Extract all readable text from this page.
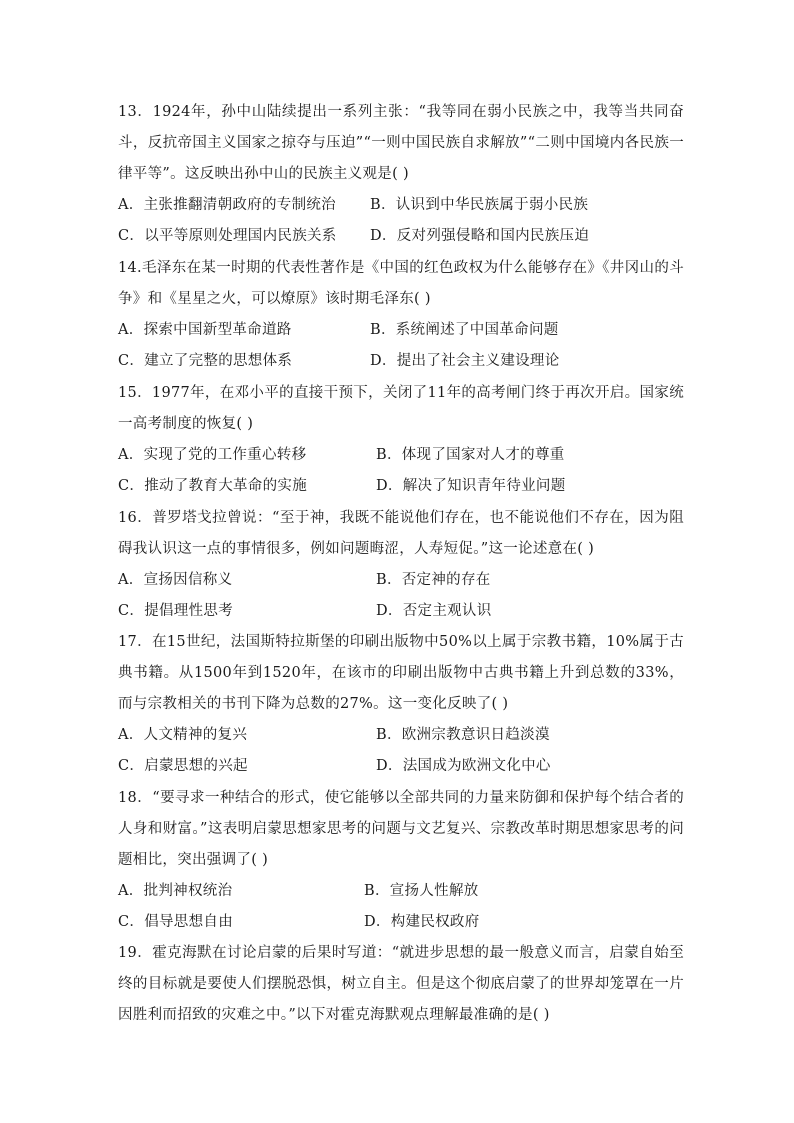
13．1924年，孙中山陆续提出一系列主张：“我等同在弱小民族之中，我等当共同奋斗，反抗帝国主义国家之掠夺与压迫”“一则中国民族自求解放”“二则中国境内各民族一律平等”。这反映出孙中山的民族主义观是( )

A．主张推翻清朝政府的专制统治 B．认识到中华民族属于弱小民族
C．以平等原则处理国内民族关系 D．反对列强侵略和国内民族压迫

14.毛泽东在某一时期的代表性著作是《中国的红色政权为什么能够存在》《井冈山的斗争》和《星星之火，可以燎原》该时期毛泽东( )

A．探索中国新型革命道路	B．系统阐述了中国革命问题
C．建立了完整的思想体系	D．提出了社会主义建设理论

15．1977年，在邓小平的直接干预下，关闭了11年的高考闸门终于再次开启。国家统一高考制度的恢复( )

A．实现了党的工作重心转移	B．体现了国家对人才的尊重
C．推动了教育大革命的实施	D．解决了知识青年待业问题

16．普罗塔戈拉曾说：“至于神，我既不能说他们存在，也不能说他们不存在，因为阻碍我认识这一点的事情很多，例如问题晦涩，人寿短促。”这一论述意在( )

A．宣扬因信称义	B．否定神的存在
C．提倡理性思考	D．否定主观认识

17．在15世纪，法国斯特拉斯堡的印刷出版物中50%以上属于宗教书籍，10%属于古典书籍。从1500年到1520年，在该市的印刷出版物中古典书籍上升到总数的33%，而与宗教相关的书刊下降为总数的27%。这一变化反映了( )

A．人文精神的复兴	B．欧洲宗教意识日趋淡漠
C．启蒙思想的兴起	D．法国成为欧洲文化中心

18．“要寻求一种结合的形式，使它能够以全部共同的力量来防御和保护每个结合者的人身和财富。”这表明启蒙思想家思考的问题与文艺复兴、宗教改革时期思想家思考的问题相比，突出强调了( )

A．批判神权统治	B．宣扬人性解放
C．倡导思想自由	D．构建民权政府

19．霍克海默在讨论启蒙的后果时写道：“就进步思想的最一般意义而言，启蒙自始至终的目标就是要使人们摆脱恐惧，树立自主。但是这个彻底启蒙了的世界却笼罩在一片因胜利而招致的灾难之中。”以下对霍克海默观点理解最准确的是( )
